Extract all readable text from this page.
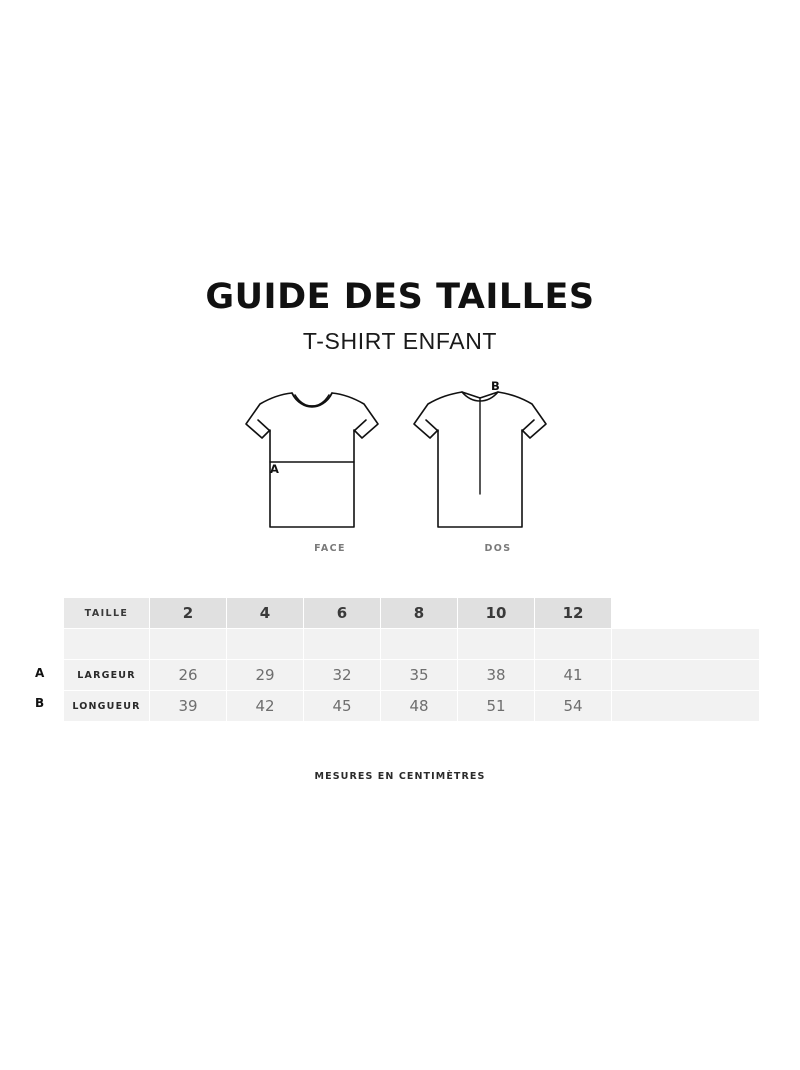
GUIDE DES TAILLES
T-SHIRT ENFANT
A
B
FACE	DOS
A
B
TAILLE	2	4	6	8	10	12	

LARGEUR	26	29	32	35	38	41	
LONGUEUR	39	42	45	48	51	54	
MESURES EN CENTIMÈTRES
